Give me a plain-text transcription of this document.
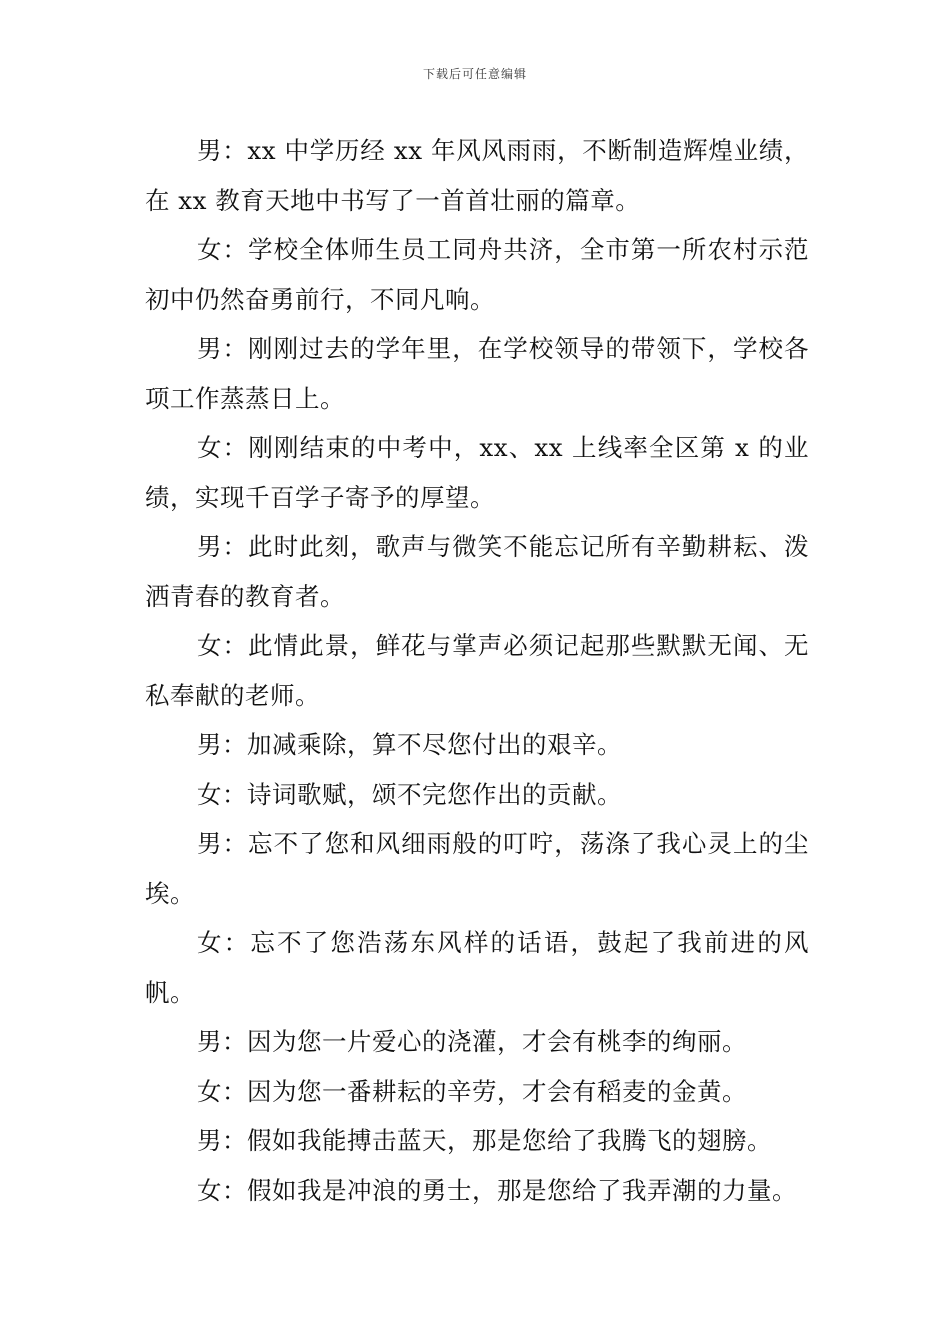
下载后可任意编辑

男：xx 中学历经 xx 年风风雨雨，不断制造辉煌业绩，在 xx 教育天地中书写了一首首壮丽的篇章。

女：学校全体师生员工同舟共济，全市第一所农村示范初中仍然奋勇前行，不同凡响。

男：刚刚过去的学年里，在学校领导的带领下，学校各项工作蒸蒸日上。

女：刚刚结束的中考中，xx、xx 上线率全区第 x 的业绩，实现千百学子寄予的厚望。

男：此时此刻，歌声与微笑不能忘记所有辛勤耕耘、泼洒青春的教育者。

女：此情此景，鲜花与掌声必须记起那些默默无闻、无私奉献的老师。

男：加减乘除，算不尽您付出的艰辛。

女：诗词歌赋，颂不完您作出的贡献。

男：忘不了您和风细雨般的叮咛，荡涤了我心灵上的尘埃。

女：忘不了您浩荡东风样的话语，鼓起了我前进的风帆。

男：因为您一片爱心的浇灌，才会有桃李的绚丽。

女：因为您一番耕耘的辛劳，才会有稻麦的金黄。

男：假如我能搏击蓝天，那是您给了我腾飞的翅膀。

女：假如我是冲浪的勇士，那是您给了我弄潮的力量。
